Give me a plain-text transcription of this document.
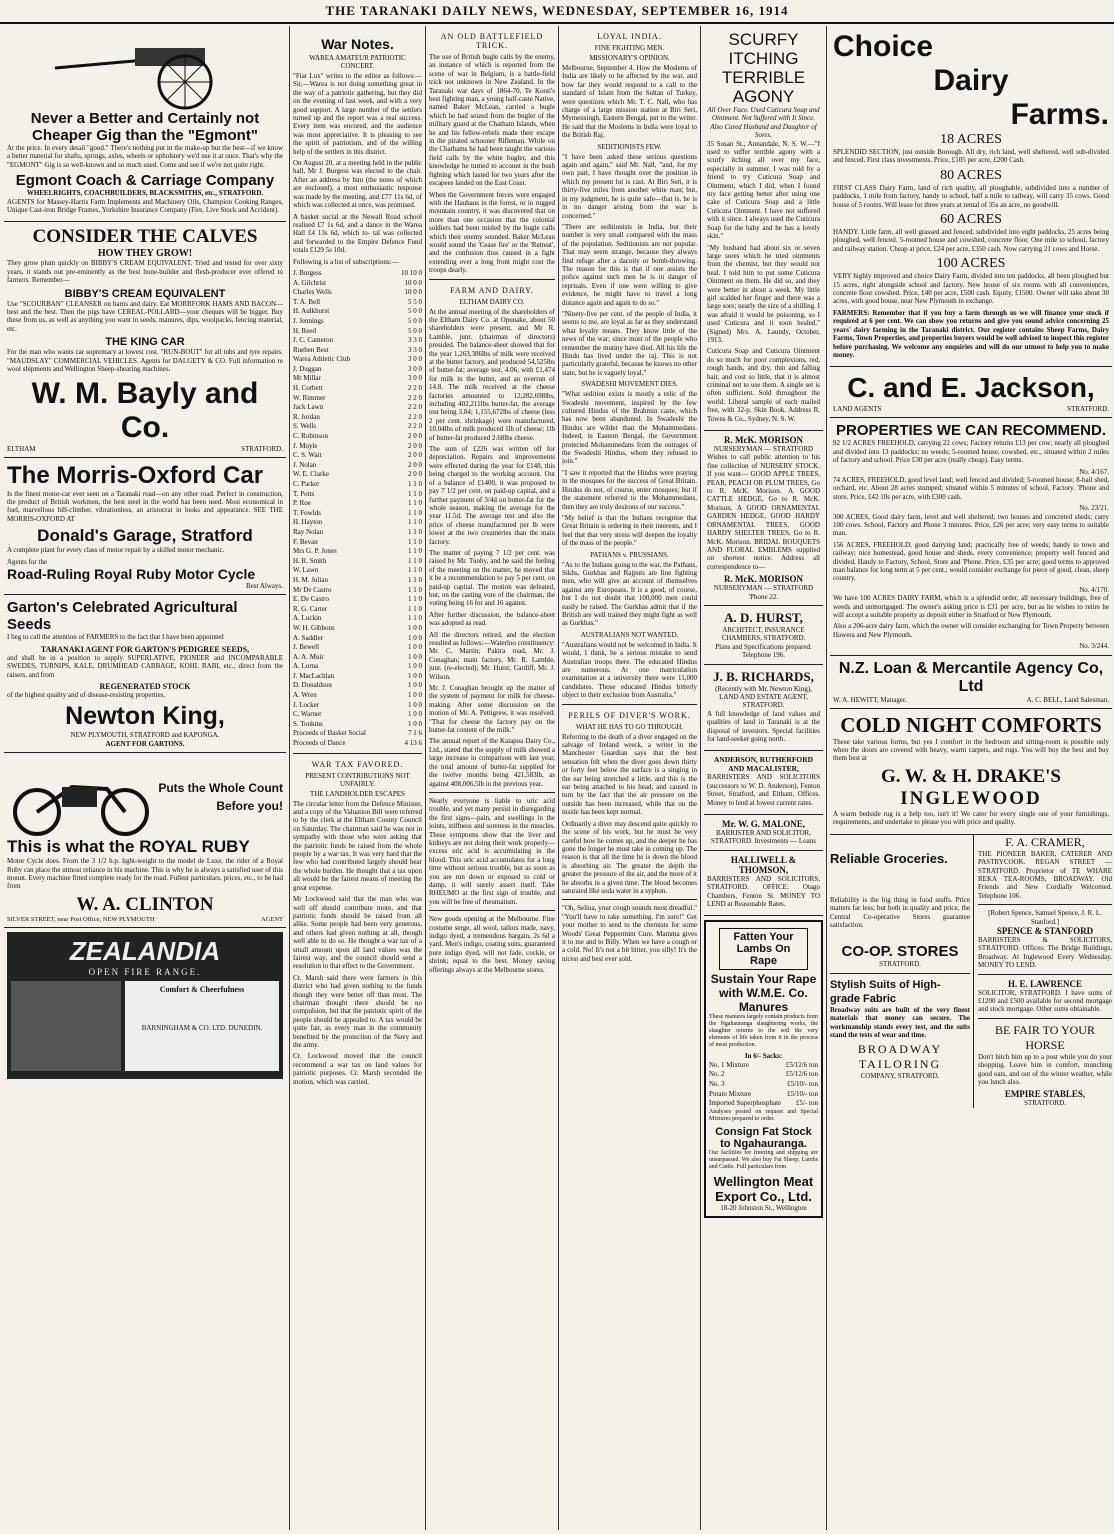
THE TARANAKI DAILY NEWS, WEDNESDAY, SEPTEMBER 16, 1914
Never a Better and Certainly not Cheaper Gig than the "Egmont"

At the price. In every detail "good." There's nothing put in the make-up but the best—if we know a better material for shafts, springs, axles, wheels or upholstery we'd use it at once. That's why the "EGMONT" Gig is so well-known and so much used. Come and see if we're not quite right.

Egmont Coach & Carriage Company
WHEELRIGHTS, COACHBUILDERS, BLACKSMITHS, etc., STRATFORD.

AGENTS for Massey-Harris Farm Implements and Machinery Oils, Champion Cooking Ranges, Unique Cast-iron Bridge Frames, Yorkshire Insurance Company (Fire, Live Stock and Accident).

CONSIDER THE CALVES
HOW THEY GROW!

They grow plum quickly on BIBBY'S CREAM EQUIVALENT. Tried and tested for over sixty years, it stands out pre-eminently as the best bone-builder and flesh-producer ever offered to farmers. Remember—

BIBBY'S CREAM EQUIVALENT

Use "SCOURBAN" CLEANSER on barns and dairy. Eat MORRFORK HAMS AND BACON—best and the best. Then the pigs have CEREAL-POLLARD—your cheques will be bigger. Buy these from us, as well as anything you want in seeds, manures, dips, woolpacks, fencing material, etc.

THE KING CAR

For the man who wants car supremacy at lowest cost. "RUN-BOUT" for all tubs and tyre repairs. "MAUDSLAY" COMMERCIAL VEHICLES. Agents for DALGETY & CO. Full information re wool shipments and Wellington Sheep-shearing machines.

W. M. Bayly and Co.
ELTHAM	STRATFORD.
The Morris-Oxford Car

Is the finest motor-car ever seen on a Taranaki road—on any other road. Perfect in construction, the product of British workmen, the best steel in the world has been used. Most economical in fuel, marvellous hill-climber, vibrationless, an aristocrat in looks and appearance. SEE THE MORRIS-OXFORD AT

Donald's Garage, Stratford

A complete plant for every class of motor repair by a skilled motor mechanic.

Agents for the
Road-Ruling Royal Ruby Motor Cycle
Best Always.
Garton's Celebrated Agricultural Seeds

I beg to call the attention of FARMERS to the fact that I have been appointed

TARANAKI AGENT FOR GARTON'S PEDIGREE SEEDS,

and shall be in a position to supply SUPERLATIVE, PIONEER and INCOMPARABLE SWEDES, TURNIPS, KALE, DRUMHEAD CABBAGE, KOHL RABI, etc., direct from the raisers, and from

REGENERATED STOCK

of the highest quality and of disease-resisting properties.

Newton King,
NEW PLYMOUTH, STRATFORD and KAPONGA.
AGENT FOR GARTONS.
Puts the Whole Count Before you!
This is what the ROYAL RUBY

Motor Cycle does. From the 3 1/2 h.p. light-weight to the model de Luxe, the rider of a Royal Ruby can place the utmost reliance in his machine. This is why he is always a satisfied user of this mount. Every machine fitted complete ready for the road. Fullest particulars, prices, etc., to be had from

W. A. CLINTON
SILVER STREET, near Post Office, NEW PLYMOUTH	AGENT
ZEALANDIA
OPEN FIRE RANGE.
Comfort & Cheerfulness
BARNINGHAM & CO. LTD. DUNEDIN.
War Notes.
WAREA AMATEUR PATRIOTIC CONCERT.

"Fiat Lux" writes to the editor as follows:— Sir,—Warea is not doing something great in the way of a patriotic gathering, but they did on the evening of last week, and with a very good support. A large number of the settlers turned up and the report was a real success. Every item was encored, and the audience was most appreciative. It is pleasing to see the spirit of patriotism, and of the willing help of the settlers in this district.

On August 20, at a meeting held in the public hall, Mr J. Burgess was elected to the chair. After an address by him (the notes of which are enclosed), a most enthusiastic response was made by the meeting, and £77 11s 6d, of which was collected at once, was promised.

A basket social at the Newall Road school realised £7 1s 6d, and a dance in the Warea Hall £4 13s 6d, which to- tal was collected and forwarded to the Empire Defence Fund totals £129 5s 10d.

Following is a list of subscriptions:—

J. Burgess	10 10 0
A. Gilchrist	10 0 0
Charles Wells	10 0 0
T. A. Bell	5 5 0
H. Aulkhurst	5 0 0
J. Jennings	5 0 0
H. Reed	5 0 0
J. C. Cameron	3 3 0
Rueben Best	3 3 0
Warea Athletic Club	3 0 0
J. Duggan	3 0 0
Mr Millar	3 0 0
H. Corbett	2 2 0
W. Rimmer	2 2 0
Jack Lawn	2 2 0
R. Jordan	2 2 0
S. Wells	2 2 0
C. Robinson	2 0 0
J. Moyle	2 0 0
C. S. Wait	2 0 0
J. Nolan	2 0 0
W. E. Clarke	2 0 0
C. Parker	1 1 0
T. Potts	1 1 0
P. Roe	1 1 0
T. Fowlds	1 1 0
H. Hayton	1 1 0
Ray Nolan	1 1 0
F. Bevan	1 1 0
Mrs G. P. Jones	1 1 0
H. R. Smith	1 1 0
W. Lawn	1 1 0
H. M. Julian	1 1 0
Mr De Castro	1 1 0
E. De Castro	1 1 0
R. G. Carter	1 1 0
A. Luckin	1 1 0
W. H. Gibbons	1 0 0
A. Saddler	1 0 0
J. Bewell	1 0 0
A. A. Muir	1 0 0
A. Lorna	1 0 0
J. MacLachlan	1 0 0
D. Donaldson	1 0 0
A. Wren	1 0 0
J. Locker	1 0 0
C. Warner	1 0 0
S. Tonkins	1 0 0
Proceeds of Basket Social	7 1 6
Proceeds of Dance	4 13 6
WAR TAX FAVORED.
PRESENT CONTRIBUTIONS NOT UNFAIRLY.
THE LANDHOLDER ESCAPES

The circular letter from the Defence Minister, and a copy of the Valuation Bill were referred to by the clerk at the Eltham County Council on Saturday. The chairman said he was not in sympathy with those who were asking that the patriotic funds be raised from the whole people by a war tax. It was very hard that the few who had contributed largely should bear the whole burden. He thought that a tax upon all would be the fairest means of meeting the great expense.

Mr Lockwood said that the man who was well off should contribute more, and that patriotic funds should be raised from all alike. Some people had been very generous, and others had given nothing at all, though well able to do so. He thought a war tax of a small amount upon all land values was the fairest way, and the council should send a resolution to that effect to the Government.

Cr. Marsh said there were farmers in this district who had given nothing to the funds though they were better off than most. The chairman thought there should be no compulsion, but that the patriotic spirit of the people should be appealed to. A tax would be quite fair, as every man in the community benefited by the protection of the Navy and the army.

Cr. Lockwood moved that the council recommend a war tax on land values for patriotic purposes. Cr. Marsh seconded the motion, which was carried.

AN OLD BATTLEFIELD TRICK.

The use of British bugle calls by the enemy, an instance of which is reported from the scene of war in Belgium, is a battle-field trick not unknown in New Zealand. In the Taranaki war days of 1864-70, Te Kooti's best fighting man, a young half-caste Native, named Baker McLean, carried a bugle which he had seized from the bugler of the military guard at the Chatham Islands, when he and his fellow-rebels made their escape in the pirated schooner Rifleman. While on the Chathams he had been taught the various field calls by the white bugler, and this knowledge he turned to account in the bush fighting which lasted for two years after the escapees landed on the East Coast.

When the Government forces were engaged with the Hauhaus in the forest, or in rugged mountain country, it was discovered that on more than one occasion that the colonial soldiers had been misled by the bugle calls which their enemy sounded. Baker McLean would sound the 'Cease fire' or the 'Retreat', and the confusion thus caused in a fight extending over a long front might cost the troops dearly.

FARM AND DAIRY.
ELTHAM DAIRY CO.

At the annual meeting of the shareholders of the Eltham Dairy Co. at Opunake, about 50 shareholders were present, and Mr R. Lamble, junr. (chairman of directors) presided. The balance-sheet showed that for the year 1,263,386lbs of milk were received at the butter factory, and produced 54,525lbs of butter-fat; average test, 4.06, with £1,474 for milk in the butter, and an overrun of 14.8. The milk received at the cheese factories amounted to 12,282,698lbs, including 402,211lbs butter-fat, the average test being 3.84; 1,155,672lbs of cheese (less 2 per cent. shrinkage) were manufactured, 10.04lbs of milk produced 1lb of cheese; 1lb of butter-fat produced 2.68lbs cheese.

The sum of £226 was written off for depreciation. Repairs and improvements were effected during the year for £148, this being charged to the working account. Out of a balance of £1400, it was proposed to pay 7 1/2 per cent. on paid-up capital, and a further payment of 3/4d on butter-fat for the whole season, making the average for the year 11.5d. The average test and also the price of cheese manufactured per lb were lower at the two creameries than the main factory.

The matter of paying 7 1/2 per cent. was raised by Mr. Tuohy, and he said the feeling of the meeting on the matter, he moved that it be a recommendation to pay 5 per cent. on paid-up capital. The motion was defeated, but, on the casting vote of the chairman, the voting being 16 for and 16 against.

After further discussion, the balance-sheet was adopted as read.

All the directors retired, and the election resulted as follows:—Waterloo constituency: Mr. C. Martin; Pakira road, Mr. J. Conaghan; main factory, Mr. R. Lamble, junr. (re-elected); Mr. Hurst; Cardiff, Mr. J. Wilson.

Mr. J. Conaghan brought up the matter of the system of payment for milk for cheese-making. After some discussion on the motion of Mr. A. Pettigrew, it was resolved: "That for cheese the factory pay on the butter-fat content of the milk."

The annual report of the Kaiapoa Dairy Co., Ltd., stated that the supply of milk showed a large increase in comparison with last year, the total amount of butter-fat supplied for the twelve months being 421,583lb, as against 408,006,5lb in the previous year.

Nearly everyone is liable to uric acid trouble, and yet many persist in disregarding the first signs—pain, and swellings in the joints, stiffness and soreness in the muscles. These symptoms show that the liver and kidneys are not doing their work properly—excess uric acid is accumulating in the blood. This uric acid accumulates for a long time without serious trouble, but as soon as you are run down or exposed to cold or damp, it will surely assert itself. Take RHEUMO at the first sign of trouble, and you will be free of rheumatism.

New goods opening at the Melbourne. Fine costume serge, all wool, tailors made, navy, indigo dyed, a tremendous bargain, 2s 6d a yard. Men's indigo, coating suits, guaranteed pure indigo dyed, will not fade, cockle, or shrink; equal to the best. Money saving offerings always at the Melbourne stores.

LOYAL INDIA.
FINE FIGHTING MEN.
MISSIONARY'S OPINION.

Melbourne, September 4. How the Moslems of India are likely to be affected by the war, and how far they would respond to a call to the standard of Islam from the Sultan of Turkey, were questions which Mr. T. C. Nall, who has charge of a large mission station at Biri Seri, Mymensingh, Eastern Bengal, put to the writer. He said that the Moslems in India were loyal to the British Raj.

SEDITIONISTS FEW.

"I have been asked these serious questions again and again," said Mr. Nall, "and, for my own part, I have thought over the position in which my present lot is cast. At Biri Seri, it is thirty-five miles from another white man; but, in my judgment, he is quite safe—that is, he is in no danger arising from the war is concerned."

"There are seditionists in India, but their number is very small compared with the mass of the population. Seditionists are not popular. That may seem strange, because they always find refuge after a dacoity or bomb-throwing. The reason for this is that if one assists the police against such men he is in danger of reprisals. Even if one were willing to give evidence, he might have to travel a long distance again and again to do so."

"Ninety-five per cent. of the people of India, it seems to me, are loyal as far as they understand what loyalty means. They know little of the news of the war; since most of the people who remember the mutiny have died. All his life the Hindu has lived under the raj. This is not particularly grateful, because he knows no other state, but he is vaguely loyal."

SWADESHI MOVEMENT DIES.

"What sedition exists is mostly a relic of the Swadeshi movement, inspired by the few cultured Hindus of the Brahmin caste, which has now been abandoned. In Swadeshi the Hindus are wilder than the Mohammedans. Indeed, in Eastern Bengal, the Government protected Mohammedans from the outrages of the Swadeshi Hindus, whom they refused to join."

"I saw it reported that the Hindus were praying in the mosques for the success of Great Britain. Hindus do not, of course, enter mosques; but if the statement referred to the Mohammedans, then they are truly desirous of our success."

"My belief is that the Indians recognise that Great Britain is ordering in their interests, and I feel that that very stress will deepen the loyalty of the mass of the people."

PATHANS v. PRUSSIANS.

"As to the Indians going to the war, the Pathans, Sikhs, Gurkhas and Rajputs are fine fighting men, who will give an account of themselves against any Europeans. It is a good, of course, but I do not doubt that 100,000 men could easily be raised. The Gurkhas admit that if the British are well trained they might fight as well as Gurkhas."

AUSTRALIANS NOT WANTED.

"Australians would not be welcomed in India. It would, I think, be a serious mistake to send Australian troops there. The educated Hindus are numerous. At one matriculation examination at a university there were 11,000 candidates. Those educated Hindus bitterly object to their exclusion from Australia."

PERILS OF DIVER'S WORK.
WHAT HE HAS TO GO THROUGH.

Referring to the death of a diver engaged on the salvage of Ireland wreck, a writer in the Manchester Guardian says that the best sensation felt when the diver goes down thirty or forty feet below the surface is a singing in the ear being stretched a little, and this is the ear being attached to his head, and caused in turn by the fact that the air pressure on the outside has been increased, while that on the inside has been kept normal.

Ordinarily a diver may descend quite quickly to the scene of his work, but he must be very careful how he comes up, and the deeper he has gone the longer he must take in coming up. The reason is that all the time he is down the blood is absorbing air. The greater the depth the greater the pressure of the air, and the more of it he absorbs in a given time. The blood becomes saturated like soda water in a syphon.

"Oh, Selina, your cough sounds most dreadful." "You'll have to take something. I'm sure!" Get your mother to send to the chemists for some Woods' Great Peppermint Cure. Mamma gives it to me and to Billy. When we have a cough or a cold. No! It's not a bit bitter, you silly! It's the nicest and best ever sold.

SCURFY ITCHING TERRIBLE AGONY
All Over Face. Used Cuticura Soap and Ointment. Not Suffered with It Since. Also Cured Husband and Daughter of Sores.

35 Susan St., Annandale, N. S. W.—"I used to suffer terrible agony with a scurfy itching all over my face, especially in summer. I was told by a friend to try Cuticura Soap and Ointment, which I did, when I found my face getting better after using one cake of Cuticura Soap and a little Cuticura Ointment. I have not suffered with it since. I always used the Cuticura Soap for the baby and he has a lovely skin."

"My husband had about six or seven large sores which he tried ointments from the chemist, but they would not heal. I told him to put some Cuticura Ointment on them. He did so, and they were better in about a week. My little girl scalded her finger and there was a large sore; nearly the size of a shilling. I was afraid it would be poisoning, so I used Cuticura and it soon healed." (Signed) Mrs. A. Laundy, October, 1913.

Cuticura Soap and Cuticura Ointment do so much for poor complexions, red, rough hands, and dry, thin and falling hair, and cost so little, that it is almost criminal not to use them. A single set is often sufficient. Sold throughout the world. Liberal sample of each mailed free, with 32-p. Skin Book. Address R. Towns & Co., Sydney, N. S. W.

R. McK. MORISON
NURSERYMAN — STRATFORD

Wishes to call public attention to his fine collection of NURSERY STOCK. If you want— GOOD APPLE TREES, PEAR, PEACH OR PLUM TREES, Go to R. McK. Morison. A GOOD CATTLE HEDGE, Go to R. McK. Morison. A GOOD ORNAMENTAL GARDEN HEDGE, GOOD HARDY ORNAMENTAL TREES, GOOD HARDY SHELTER TREES, Go to R. McK. Morison. BRIDAL BOUQUETS AND FLORAL EMBLEMS supplied on shortest notice. Address all correspondence to—

R. McK. MORISON
NURSERYMAN — STRATFORD
'Phone 22.
A. D. HURST,
ARCHITECT, INSURANCE CHAMBERS, STRATFORD.
Plans and Specifications prepared. Telephone 196.
J. B. RICHARDS,
(Recently with Mr. Newton King), LAND AND ESTATE AGENT, STRATFORD.

A full knowledge of land values and qualities of land in Taranaki is at the disposal of investors. Special facilities for land-seeker going north.

ANDERSON, RUTHERFORD AND MACALISTER,

BARRISTERS AND SOLICITORS (successors to W. D. Anderson), Fenton Street, Stratford, and Eltham. Offices. Money to lend at lowest current rates.

Mr. W. G. MALONE,
BARRISTER AND SOLICITOR,
STRATFORD. Investments — Loans
HALLIWELL & THOMSON,

BARRISTERS AND SOLICITORS, STRATFORD. OFFICE: Otago Chambers, Fenton St. MONEY TO LEND at Reasonable Rates.

Fatten Your Lambs On Rape
Sustain Your Rape with W.M.E. Co. Manures

These manures largely contain products from the Ngahauranga slaughtering works, the slaughter returns to the soil the very elements of life taken from it in the process of meat production.

In 6/- Sacks:
No. 1 Mixture	£5/12/6 ton
No. 2	£5/12/6 ton
No. 3	£5/10/- ton
Potato Mixture	£5/10/- ton
Imported Superphosphate £5/- ton

Analyses posted on request and Special Mixtures prepared to order.

Consign Fat Stock to Ngahauranga.

Our facilities for freezing and shipping are unsurpassed. We also buy Fat Sheep, Lambs and Cattle. Full particulars from

Wellington Meat Export Co., Ltd.
18-20 Johnston St., Wellington
Choice
Dairy
Farms.
18 ACRES

SPLENDID SECTION, just outside Borough. All dry, rich land, well sheltered, well sub-divided and fenced. First class investments. Price, £105 per acre, £200 Cash.

80 ACRES

FIRST CLASS Dairy Farm, land of rich quality, all ploughable, subdivided into a number of paddocks, 1 mile from factory, handy to school, half a mile to railway, will carry 35 cows. Good house of 5 rooms. Will lease for three years at rental of 35s an acre, no goodwill.

60 ACRES

HANDY. Little farm, all well grassed and fenced, subdivided into eight paddocks, 25 acres being ploughed, well fenced. 5-roomed house and cowshed, concrete floor. One mile to school, factory and railway station. Cheap at price, £24 per acre, £350 cash. Now carrying 21 cows and Horse.

100 ACRES

VERY highly improved and choice Dairy Farm, divided into ten paddocks, all been ploughed but 15 acres, right alongside school and factory. New house of six rooms with all conveniences, concrete floor cowshed. Price, £40 per acre, £500 cash. Equity, £1500. Owner will take about 30 acres, with good house, near New Plymouth in exchange.

FARMERS: Remember that if you buy a farm through us we will finance your stock if required at 6 per cent. We can show you returns and give you sound advice concerning 25 years' dairy farming in the Taranaki district. Our register contains Sheep Farms, Dairy Farms, Town Properties, and properties buyers would be well advised to inspect this register before purchasing. We welcome any enquiries and will do our utmost to help you to make money.

C. and E. Jackson,
LAND AGENTS	STRATFORD.
PROPERTIES WE CAN RECOMMEND.

92 1/2 ACRES FREEHOLD, carrying 22 cows; Factory returns £13 per cow; nearly all ploughed and divided into 13 paddocks; no weeds; 5-roomed house, cowshed, etc., situated within 2 miles of factory and school. Price £30 per acre (really cheap). Easy terms.

No. 4/167.

74 ACRES, FREEHOLD, good level land; well fenced and divided; 5-roomed house; 8-bail shed, orchard, etc. About 28 acres stumped; situated within 5 minutes of school, Factory. 'Phone and store. Price, £42 10s per acre, with £300 cash.

No. 23/21.

300 ACRES, Good dairy farm, level and well sheltered; two houses and concreted sheds; carry 100 cows. School, Factory and Phone 3 minutes. Price, £26 per acre; very easy terms to suitable man.

156 ACRES, FREEHOLD, good dairying land; practically free of weeds; handy to town and railway; nice homestead, good house and sheds, every convenience; property well fenced and divided. Handy to Factory, School, Store and 'Phone. Price, £35 per acre; good terms to approved man balance for long term at 5 per cent.; would consider exchange for piece of good, clean, sheep country.

No. 4/170.

We have 100 ACRES DAIRY FARM, which is a splendid order, all necessary buildings, free of weeds and unmortgaged. The owner's asking price is £31 per acre, but as he wishes to retire he will accept a suitable property as deposit either in Stratford or New Plymouth.

Also a 206-acre dairy farm, which the owner will consider exchanging for Town Property between Hawera and New Plymouth.

No. 3/244.
N.Z. Loan & Mercantile Agency Co, Ltd
W. A. HEWITT, Manager.	A. C. BELL, Land Salesman.
COLD NIGHT COMFORTS

These take various forms, but yes I comfort in the bedroom and sitting-room is possible only when the doors are covered with heavy, warm carpets, and rugs. You will buy the best and buy them best at

G. W. & H. DRAKE'S
INGLEWOOD

A warm bedside rug is a help too, isn't it! We cater for every single one of your furnishings, requirements, and undertake to please you with price and quality.

Reliable Groceries.

Reliability is the big thing in food stuffs. Price matters far less; but both in quality and price, the Central Co-operative Stores guarantee satisfaction.

CO-OP. STORES
STRATFORD.
Stylish Suits of High-grade Fabric

Broadway suits are built of the very finest materials that money can secure. The workmanship stands every test, and the suits stand the tests of wear and time.

BROADWAY TAILORING
COMPANY, STRATFORD.
F. A. CRAMER,

THE PIONEER BAKER, CATERER AND PASTRYCOOK. REGAN STREET — STRATFORD. Proprietor of TE WHARE REKA TEA-ROOMS, BROADWAY. Old Friends and New Cordially Welcomed. Telephone 106.

[Robert Spence, Samuel Spence, J. R. L. Stanford.]
SPENCE & STANFORD

BARRISTERS & SOLICITORS, STRATFORD. Offices: The Bridge Buildings, Broadway. At Inglewood Every Wednesday. MONEY TO LEND.

H. E. LAWRENCE

SOLICITOR, STRATFORD. I have sums of £1200 and £500 available for second mortgage and stock mortgage. Other sums obtainable.

BE FAIR TO YOUR HORSE

Don't hitch him up to a post while you do your shopping. Leave him in comfort, munching good oats, and out of the winter weather, while you lunch also.

EMPIRE STABLES,
STRATFORD.
